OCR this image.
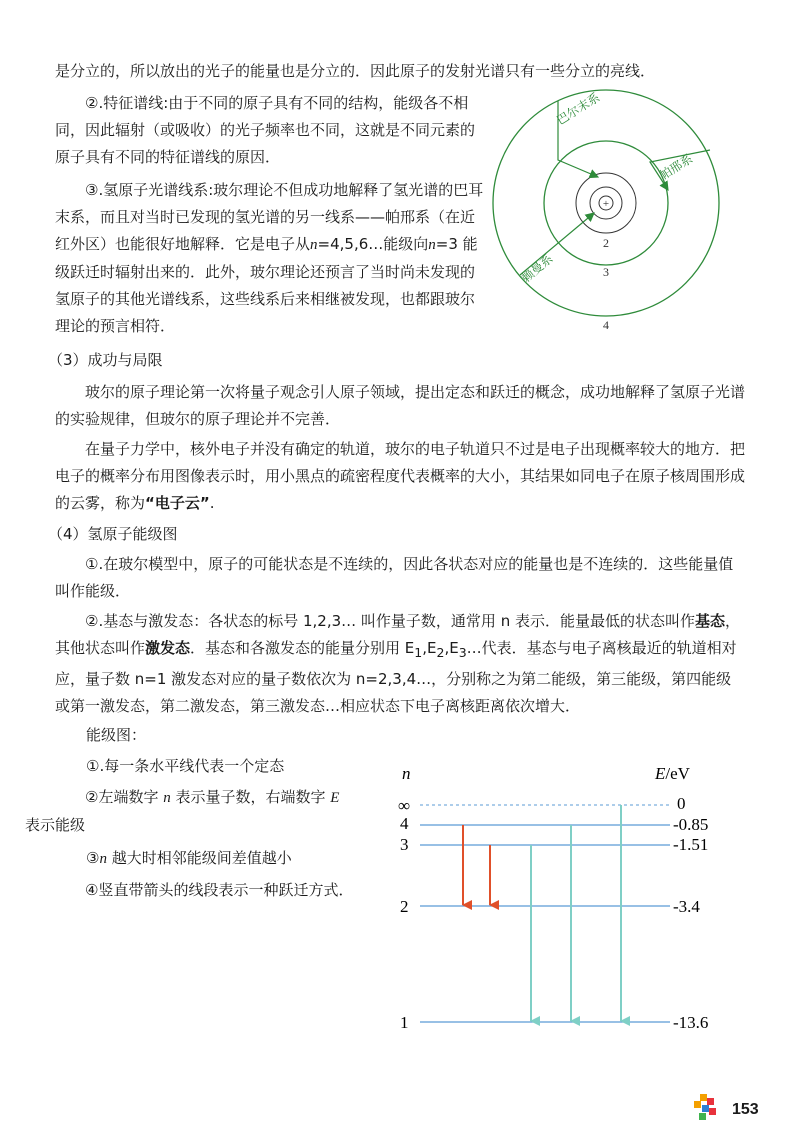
是分立的，所以放出的光子的能量也是分立的．因此原子的发射光谱只有一些分立的亮线．

②.特征谱线:由于不同的原子具有不同的结构，能级各不相同，因此辐射（或吸收）的光子频率也不同，这就是不同元素的原子具有不同的特征谱线的原因．

③.氢原子光谱线系:玻尔理论不但成功地解释了氢光谱的巴耳末系，而且对当时已发现的氢光谱的另一线系——帕邢系（在近红外区）也能很好地解释．它是电子从n=4,5,6…能级向n=3 能级跃迁时辐射出来的．此外，玻尔理论还预言了当时尚未发现的氢原子的其他光谱线系，这些线系后来相继被发现，也都跟玻尔理论的预言相符．

+
巴尔末系
帕邢系
赖曼系
2
3
4

（3）成功与局限

玻尔的原子理论第一次将量子观念引人原子领域，提出定态和跃迁的概念，成功地解释了氢原子光谱的实验规律，但玻尔的原子理论并不完善．

在量子力学中，核外电子并没有确定的轨道，玻尔的电子轨道只不过是电子出现概率较大的地方．把电子的概率分布用图像表示时，用小黑点的疏密程度代表概率的大小，其结果如同电子在原子核周围形成的云雾，称为“电子云”.

（4）氢原子能级图

①.在玻尔模型中，原子的可能状态是不连续的，因此各状态对应的能量也是不连续的．这些能量值叫作能级．

②.基态与激发态：各状态的标号 1,2,3… 叫作量子数，通常用 n 表示．能量最低的状态叫作基态，其他状态叫作激发态．基态和各激发态的能量分别用 $E_1,E_2,E_3\dots$代表．基态与电子离核最近的轨道相对应，量子数 n=1 激发态对应的量子数依次为 n=2,3,4…，分别称之为第二能级，第三能级，第四能级或第一激发态，第二激发态，第三激发态…相应状态下电子离核距离依次增大．

能级图：

①.每一条水平线代表一个定态

②左端数字 n 表示量子数，右端数字 E
表示能级

③n 越大时相邻能级间差值越小

④竖直带箭头的线段表示一种跃迁方式．

n	E/eV
∞
4
3
2
1
0
-0.85
-1.51
-3.4
-13.6
153
